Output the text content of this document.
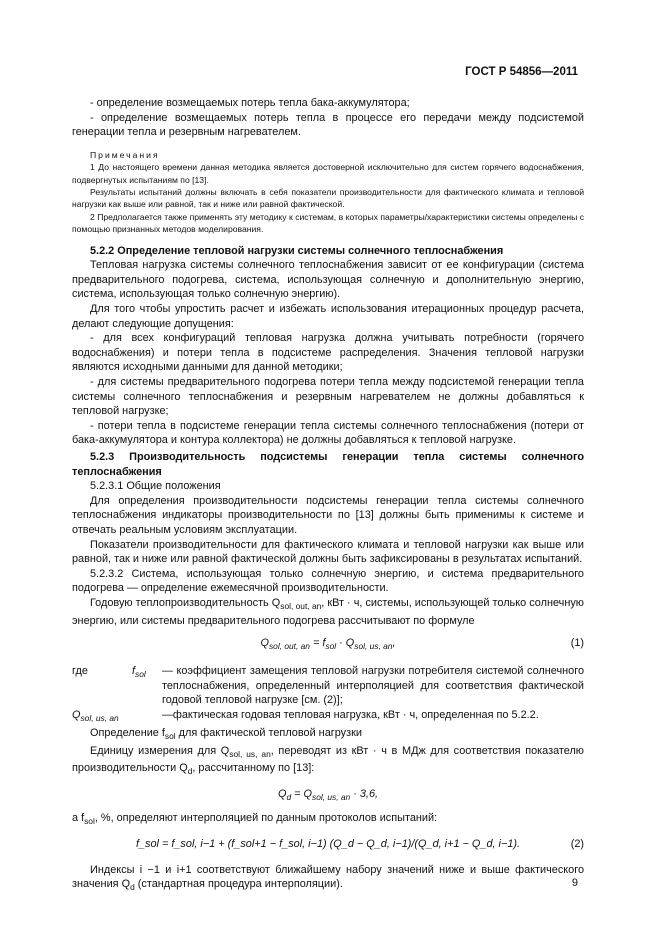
ГОСТ Р 54856—2011

- определение возмещаемых потерь тепла бака-аккумулятора;

- определение возмещаемых потерь тепла в процессе его передачи между подсистемой генерации тепла и резервным нагревателем.

Примечания

1 До настоящего времени данная методика является достоверной исключительно для систем горячего водоснабжения, подвергнутых испытаниям по [13].

Результаты испытаний должны включать в себя показатели производительности для фактического климата и тепловой нагрузки как выше или равной, так и ниже или равной фактической.

2 Предполагается также применять эту методику к системам, в которых параметры/характеристики системы определены с помощью признанных методов моделирования.

5.2.2 Определение тепловой нагрузки системы солнечного теплоснабжения

Тепловая нагрузка системы солнечного теплоснабжения зависит от ее конфигурации (система предварительного подогрева, система, использующая солнечную и дополнительную энергию, система, использующая только солнечную энергию).

Для того чтобы упростить расчет и избежать использования итерационных процедур расчета, делают следующие допущения:

- для всех конфигураций тепловая нагрузка должна учитывать потребности (горячего водоснабжения) и потери тепла в подсистеме распределения. Значения тепловой нагрузки являются исходными данными для данной методики;

- для системы предварительного подогрева потери тепла между подсистемой генерации тепла системы солнечного теплоснабжения и резервным нагревателем не должны добавляться к тепловой нагрузке;

- потери тепла в подсистеме генерации тепла системы солнечного теплоснабжения (потери от бака-аккумулятора и контура коллектора) не должны добавляться к тепловой нагрузке.

5.2.3 Производительность подсистемы генерации тепла системы солнечного теплоснабжения

5.2.3.1 Общие положения

Для определения производительности подсистемы генерации тепла системы солнечного теплоснабжения индикаторы производительности по [13] должны быть применимы к системе и отвечать реальным условиям эксплуатации.

Показатели производительности для фактического климата и тепловой нагрузки как выше или равной, так и ниже или равной фактической должны быть зафиксированы в результатах испытаний.

5.2.3.2 Система, использующая только солнечную энергию, и система предварительного подогрева — определение ежемесячной производительности.

Годовую теплопроизводительность $Q_{sol, out, an}$, кВт · ч, системы, использующей только солнечную энергию, или системы предварительного подогрева рассчитывают по формуле

$Q_{sol, out, an} = f_{sol} \cdot Q_{sol, us, an}$,	(1)
где	$f_{sol}$	— коэффициент замещения тепловой нагрузки потребителя системой солнечного теплоснабжения, определенный интерполяцией для соответствия фактической годовой тепловой нагрузке [см. (2)];
$Q_{sol, us, an}$	—фактическая годовая тепловая нагрузка, кВт · ч, определенная по 5.2.2.

Определение $f_{sol}$ для фактической тепловой нагрузки

Единицу измерения для $Q_{sol, us, an}$, переводят из кВт · ч в МДж для соответствия показателю производительности $Q_d$, рассчитанному по [13]:

$Q_d = Q_{sol, us, an} \cdot 3,6$,

а $f_{sol}$, %, определяют интерполяцией по данным протоколов испытаний:

f_sol = f_sol, i−1 + (f_sol+1 − f_sol, i−1) (Q_d − Q_d, i−1)/(Q_d, i+1 − Q_d, i−1).	(2)

Индексы i −1 и i+1 соответствуют ближайшему набору значений ниже и выше фактического значения $Q_d$ (стандартная процедура интерполяции).	9
